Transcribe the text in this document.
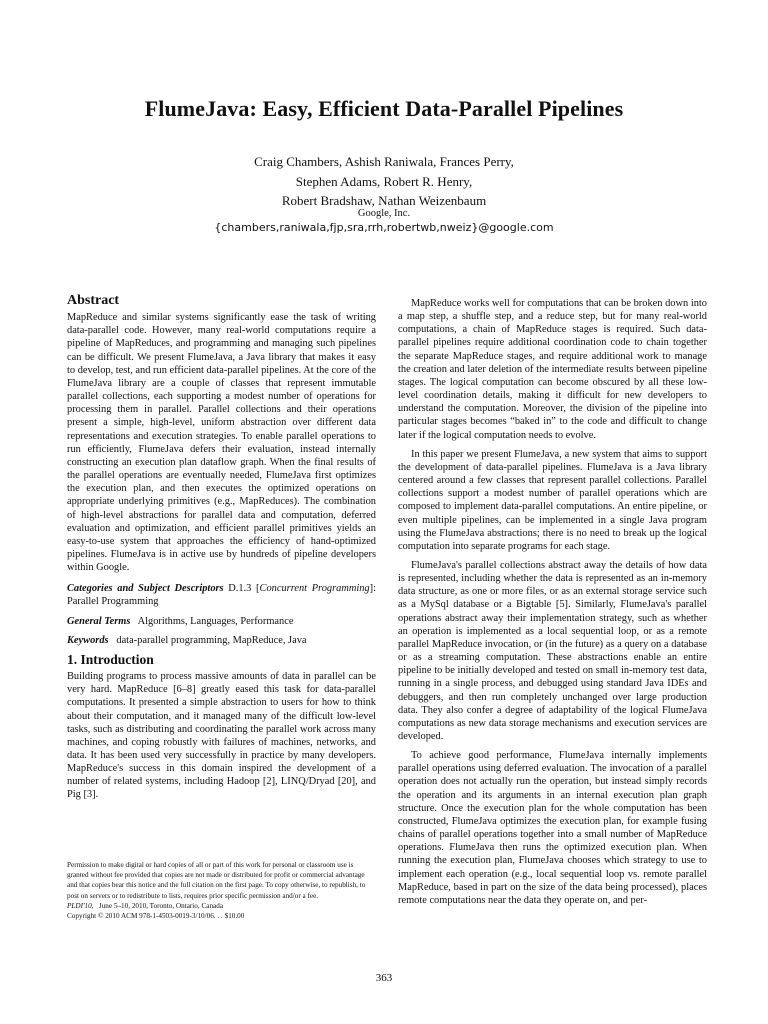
FlumeJava: Easy, Efficient Data-Parallel Pipelines
Craig Chambers, Ashish Raniwala, Frances Perry,
Stephen Adams, Robert R. Henry,
Robert Bradshaw, Nathan Weizenbaum
Google, Inc.
{chambers,raniwala,fjp,sra,rrh,robertwb,nweiz}@google.com
Abstract

MapReduce and similar systems significantly ease the task of writing data-parallel code. However, many real-world computations require a pipeline of MapReduces, and programming and managing such pipelines can be difficult. We present FlumeJava, a Java library that makes it easy to develop, test, and run efficient data-parallel pipelines. At the core of the FlumeJava library are a couple of classes that represent immutable parallel collections, each supporting a modest number of operations for processing them in parallel. Parallel collections and their operations present a simple, high-level, uniform abstraction over different data representations and execution strategies. To enable parallel operations to run efficiently, FlumeJava defers their evaluation, instead internally constructing an execution plan dataflow graph. When the final results of the parallel operations are eventually needed, FlumeJava first optimizes the execution plan, and then executes the optimized operations on appropriate underlying primitives (e.g., MapReduces). The combination of high-level abstractions for parallel data and computation, deferred evaluation and optimization, and efficient parallel primitives yields an easy-to-use system that approaches the efficiency of hand-optimized pipelines. FlumeJava is in active use by hundreds of pipeline developers within Google.

Categories and Subject Descriptors D.1.3 [Concurrent Programming]: Parallel Programming

General Terms Algorithms, Languages, Performance

Keywords data-parallel programming, MapReduce, Java

1. Introduction

Building programs to process massive amounts of data in parallel can be very hard. MapReduce [6–8] greatly eased this task for data-parallel computations. It presented a simple abstraction to users for how to think about their computation, and it managed many of the difficult low-level tasks, such as distributing and coordinating the parallel work across many machines, and coping robustly with failures of machines, networks, and data. It has been used very successfully in practice by many developers. MapReduce's success in this domain inspired the development of a number of related systems, including Hadoop [2], LINQ/Dryad [20], and Pig [3].

Permission to make digital or hard copies of all or part of this work for personal or classroom use is granted without fee provided that copies are not made or distributed for profit or commercial advantage and that copies bear this notice and the full citation on the first page. To copy otherwise, to republish, to post on servers or to redistribute to lists, requires prior specific permission and/or a fee.

PLDI'10, June 5–10, 2010, Toronto, Ontario, Canada

Copyright © 2010 ACM 978-1-4503-0019-3/10/06. . . $10.00

MapReduce works well for computations that can be broken down into a map step, a shuffle step, and a reduce step, but for many real-world computations, a chain of MapReduce stages is required. Such data-parallel pipelines require additional coordination code to chain together the separate MapReduce stages, and require additional work to manage the creation and later deletion of the intermediate results between pipeline stages. The logical computation can become obscured by all these low-level coordination details, making it difficult for new developers to understand the computation. Moreover, the division of the pipeline into particular stages becomes “baked in” to the code and difficult to change later if the logical computation needs to evolve.

In this paper we present FlumeJava, a new system that aims to support the development of data-parallel pipelines. FlumeJava is a Java library centered around a few classes that represent parallel collections. Parallel collections support a modest number of parallel operations which are composed to implement data-parallel computations. An entire pipeline, or even multiple pipelines, can be implemented in a single Java program using the FlumeJava abstractions; there is no need to break up the logical computation into separate programs for each stage.

FlumeJava's parallel collections abstract away the details of how data is represented, including whether the data is represented as an in-memory data structure, as one or more files, or as an external storage service such as a MySql database or a Bigtable [5]. Similarly, FlumeJava's parallel operations abstract away their implementation strategy, such as whether an operation is implemented as a local sequential loop, or as a remote parallel MapReduce invocation, or (in the future) as a query on a database or as a streaming computation. These abstractions enable an entire pipeline to be initially developed and tested on small in-memory test data, running in a single process, and debugged using standard Java IDEs and debuggers, and then run completely unchanged over large production data. They also confer a degree of adaptability of the logical FlumeJava computations as new data storage mechanisms and execution services are developed.

To achieve good performance, FlumeJava internally implements parallel operations using deferred evaluation. The invocation of a parallel operation does not actually run the operation, but instead simply records the operation and its arguments in an internal execution plan graph structure. Once the execution plan for the whole computation has been constructed, FlumeJava optimizes the execution plan, for example fusing chains of parallel operations together into a small number of MapReduce operations. FlumeJava then runs the optimized execution plan. When running the execution plan, FlumeJava chooses which strategy to use to implement each operation (e.g., local sequential loop vs. remote parallel MapReduce, based in part on the size of the data being processed), places remote computations near the data they operate on, and per-

363
